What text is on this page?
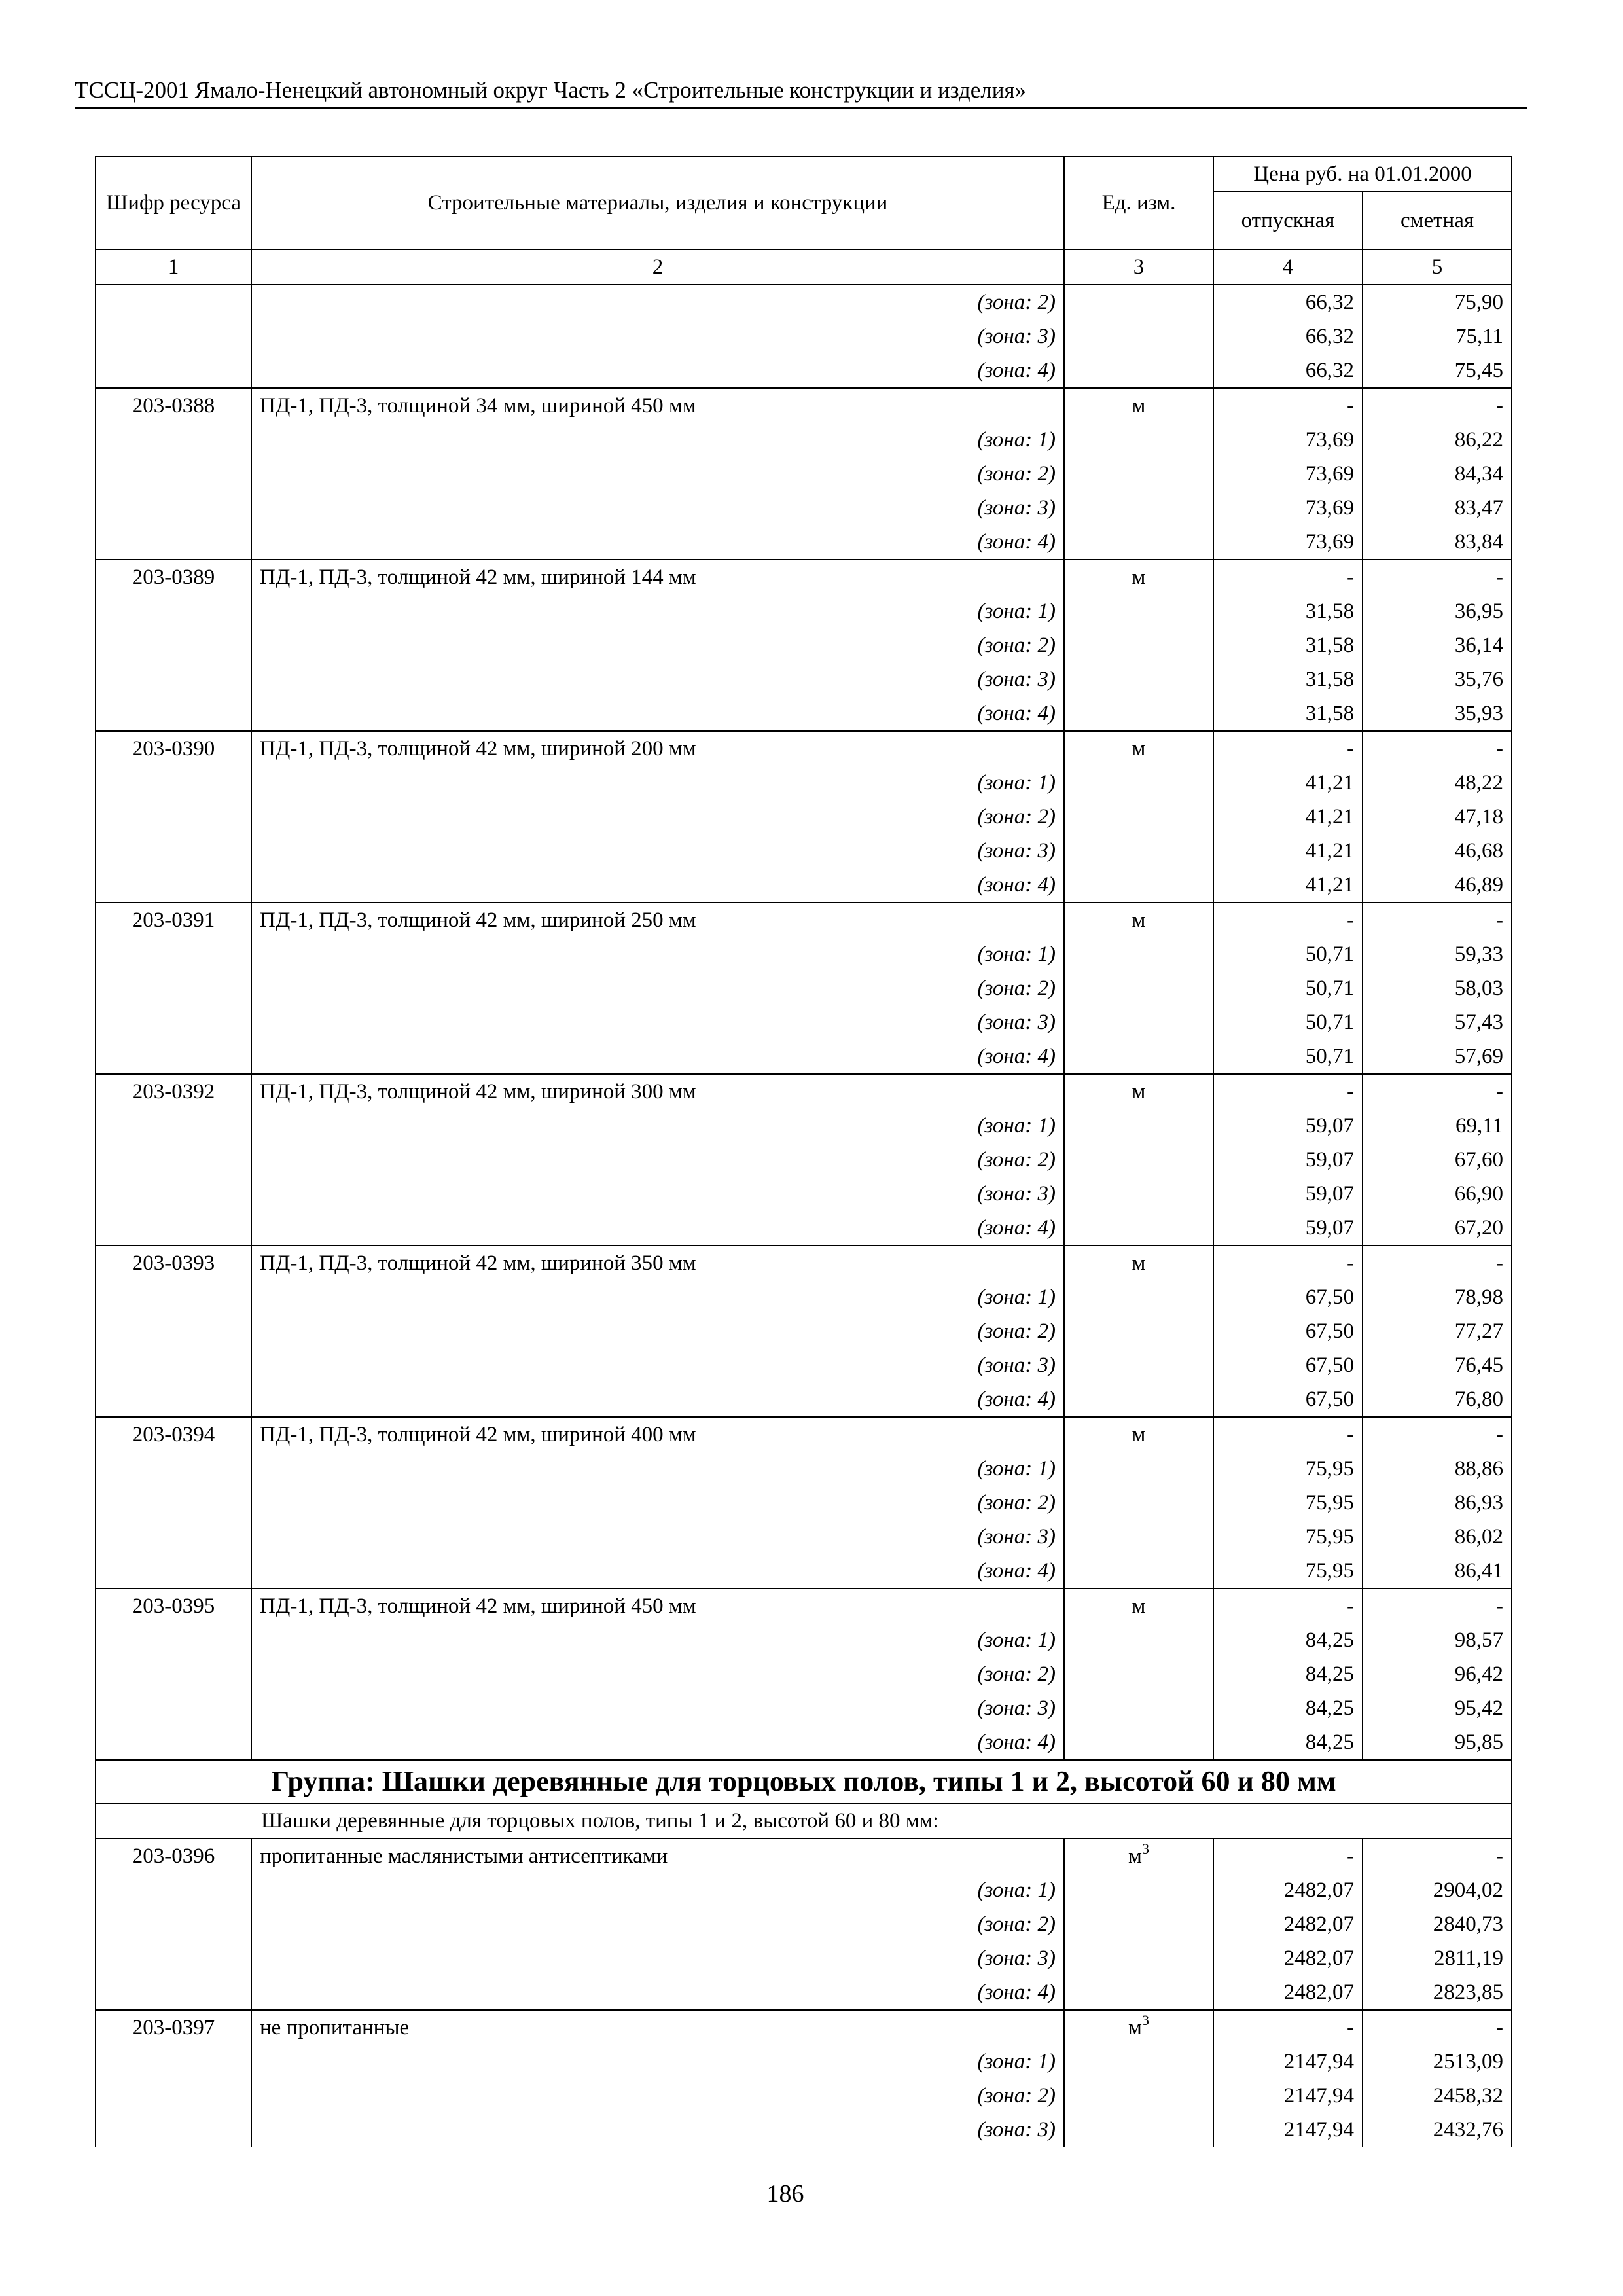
ТССЦ-2001 Ямало-Ненецкий автономный округ Часть 2 «Строительные конструкции и изделия»
Шифр ресурса	Строительные материалы, изделия и конструкции	Ед. изм.	Цена руб. на 01.01.2000	
			отпускная	сметная
1	2	3	4	5
	(зона: 2)		66,32	75,90
	(зона: 3)		66,32	75,11
	(зона: 4)		66,32	75,45
203-0388	ПД-1, ПД-3, толщиной 34 мм, шириной 450 мм	м	-	-
	(зона: 1)		73,69	86,22
	(зона: 2)		73,69	84,34
	(зона: 3)		73,69	83,47
	(зона: 4)		73,69	83,84
203-0389	ПД-1, ПД-3, толщиной 42 мм, шириной 144 мм	м	-	-
	(зона: 1)		31,58	36,95
	(зона: 2)		31,58	36,14
	(зона: 3)		31,58	35,76
	(зона: 4)		31,58	35,93
203-0390	ПД-1, ПД-3, толщиной 42 мм, шириной 200 мм	м	-	-
	(зона: 1)		41,21	48,22
	(зона: 2)		41,21	47,18
	(зона: 3)		41,21	46,68
	(зона: 4)		41,21	46,89
203-0391	ПД-1, ПД-3, толщиной 42 мм, шириной 250 мм	м	-	-
	(зона: 1)		50,71	59,33
	(зона: 2)		50,71	58,03
	(зона: 3)		50,71	57,43
	(зона: 4)		50,71	57,69
203-0392	ПД-1, ПД-3, толщиной 42 мм, шириной 300 мм	м	-	-
	(зона: 1)		59,07	69,11
	(зона: 2)		59,07	67,60
	(зона: 3)		59,07	66,90
	(зона: 4)		59,07	67,20
203-0393	ПД-1, ПД-3, толщиной 42 мм, шириной 350 мм	м	-	-
	(зона: 1)		67,50	78,98
	(зона: 2)		67,50	77,27
	(зона: 3)		67,50	76,45
	(зона: 4)		67,50	76,80
203-0394	ПД-1, ПД-3, толщиной 42 мм, шириной 400 мм	м	-	-
	(зона: 1)		75,95	88,86
	(зона: 2)		75,95	86,93
	(зона: 3)		75,95	86,02
	(зона: 4)		75,95	86,41
203-0395	ПД-1, ПД-3, толщиной 42 мм, шириной 450 мм	м	-	-
	(зона: 1)		84,25	98,57
	(зона: 2)		84,25	96,42
	(зона: 3)		84,25	95,42
	(зона: 4)		84,25	95,85
Группа: Шашки деревянные для торцовых полов, типы 1 и 2, высотой 60 и 80 мм				
Шашки деревянные для торцовых полов, типы 1 и 2, высотой 60 и 80 мм:				
203-0396	пропитанные маслянистыми антисептиками	$м^3$	-	-
	(зона: 1)		2482,07	2904,02
	(зона: 2)		2482,07	2840,73
	(зона: 3)		2482,07	2811,19
	(зона: 4)		2482,07	2823,85
203-0397	не пропитанные	$м^3$	-	-
	(зона: 1)		2147,94	2513,09
	(зона: 2)		2147,94	2458,32
	(зона: 3)		2147,94	2432,76
186
